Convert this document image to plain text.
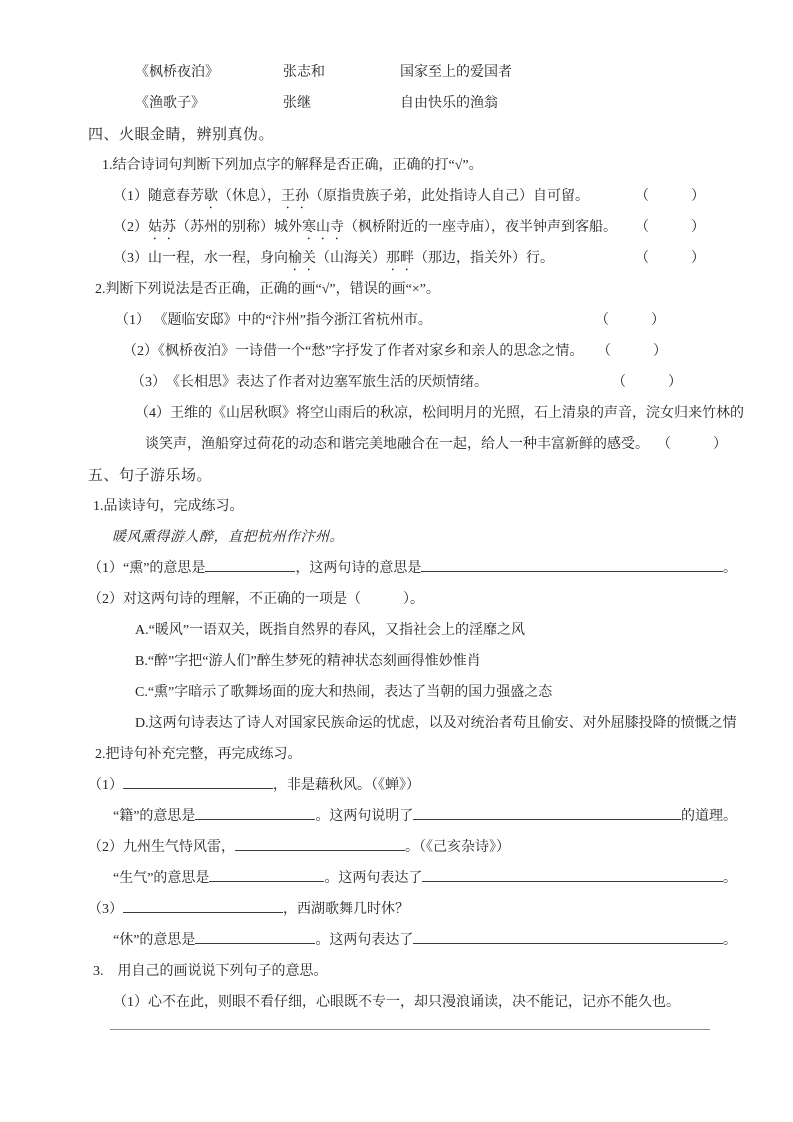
《枫桥夜泊》	张志和	国家至上的爱国者
《渔歌子》	张继	自由快乐的渔翁
四、火眼金睛，辨别真伪。
1.结合诗词句判断下列加点字的解释是否正确，正确的打“√”。
（1）随意春芳歇（休息），王孙（原指贵族子弟，此处指诗人自己）自可留。	（　　　）
（2）姑苏（苏州的别称）城外寒山寺（枫桥附近的一座寺庙），夜半钟声到客船。 （　　　）
（3）山一程，水一程，身向榆关（山海关）那畔（那边，指关外）行。	（　　　）
2.判断下列说法是否正确，正确的画“√”，错误的画“×”。
（1） 《题临安邸》中的“汴州”指今浙江省杭州市。	（　　　）
（2）《枫桥夜泊》一诗借一个“愁”字抒发了作者对家乡和亲人的思念之情。 （　　　）
（3）　《长相思》表达了作者对边塞军旅生活的厌烦情绪。	（　　　）
（4）王维的《山居秋暝》将空山雨后的秋凉，松间明月的光照，石上清泉的声音，浣女归来竹林的
谈笑声，渔船穿过荷花的动态和谐完美地融合在一起，给人一种丰富新鲜的感受。 （　　　）
五、句子游乐场。
1.品读诗句，完成练习。
暖风熏得游人醉，直把杭州作汴州。
（1）“熏”的意思是	，这两句诗的意思是	。
（2）对这两句诗的理解，不正确的一项是（　　　）。
A.“暖风”一语双关，既指自然界的春风，又指社会上的淫靡之风
B.“醉”字把“游人们”醉生梦死的精神状态刻画得惟妙惟肖
C.“熏”字暗示了歌舞场面的庞大和热闹，表达了当朝的国力强盛之态
D.这两句诗表达了诗人对国家民族命运的忧虑，以及对统治者苟且偷安、对外屈膝投降的愤慨之情
2.把诗句补充完整，再完成练习。
（1）	，非是藉秋风。（《蝉》）
“籍”的意思是	。这两句说明了	的道理。
（2）九州生气恃风雷，	。（《己亥杂诗》）
“生气”的意思是	。这两句表达了	。
（3）	，西湖歌舞几时休？
“休”的意思是	。这两句表达了	。
3.　用自己的画说说下列句子的意思。
（1）心不在此，则眼不看仔细，心眼既不专一，却只漫浪诵读，决不能记，记亦不能久也。
